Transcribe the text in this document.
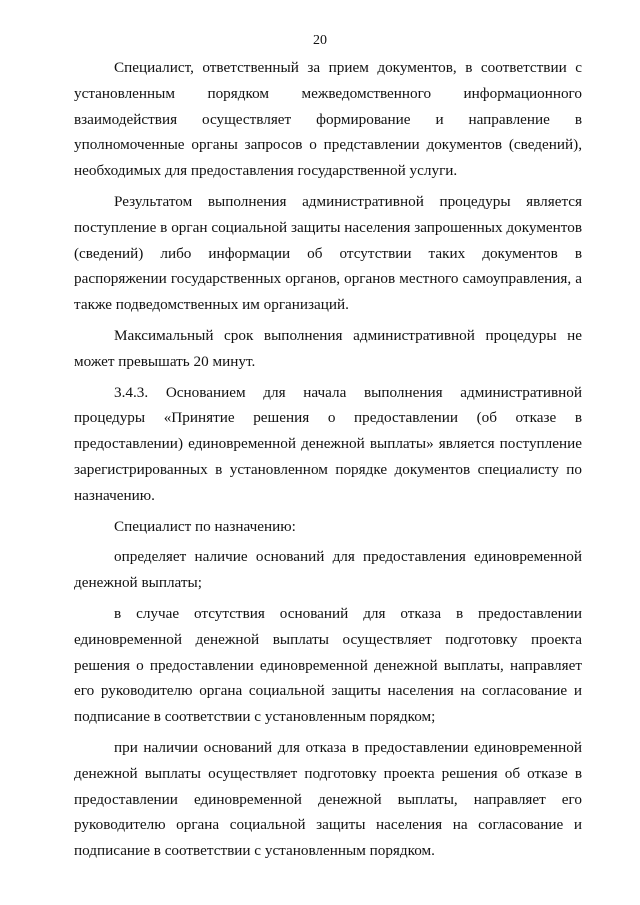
20

Специалист, ответственный за прием документов, в соответствии с установленным порядком межведомственного информационного взаимодействия осуществляет формирование и направление в уполномоченные органы запросов о представлении документов (сведений), необходимых для предоставления государственной услуги.

Результатом выполнения административной процедуры является поступление в орган социальной защиты населения запрошенных документов (сведений) либо информации об отсутствии таких документов в распоряжении государственных органов, органов местного самоуправления, а также подведомственных им организаций.

Максимальный срок выполнения административной процедуры не может превышать 20 минут.

3.4.3. Основанием для начала выполнения административной процедуры «Принятие решения о предоставлении (об отказе в предоставлении) единовременной денежной выплаты» является поступление зарегистрированных в установленном порядке документов специалисту по назначению.

Специалист по назначению:

определяет наличие оснований для предоставления единовременной денежной выплаты;

в случае отсутствия оснований для отказа в предоставлении единовременной денежной выплаты осуществляет подготовку проекта решения о предоставлении единовременной денежной выплаты, направляет его руководителю органа социальной защиты населения на согласование и подписание в соответствии с установленным порядком;

при наличии оснований для отказа в предоставлении единовременной денежной выплаты осуществляет подготовку проекта решения об отказе в предоставлении единовременной денежной выплаты, направляет его руководителю органа социальной защиты населения на согласование и подписание в соответствии с установленным порядком.
